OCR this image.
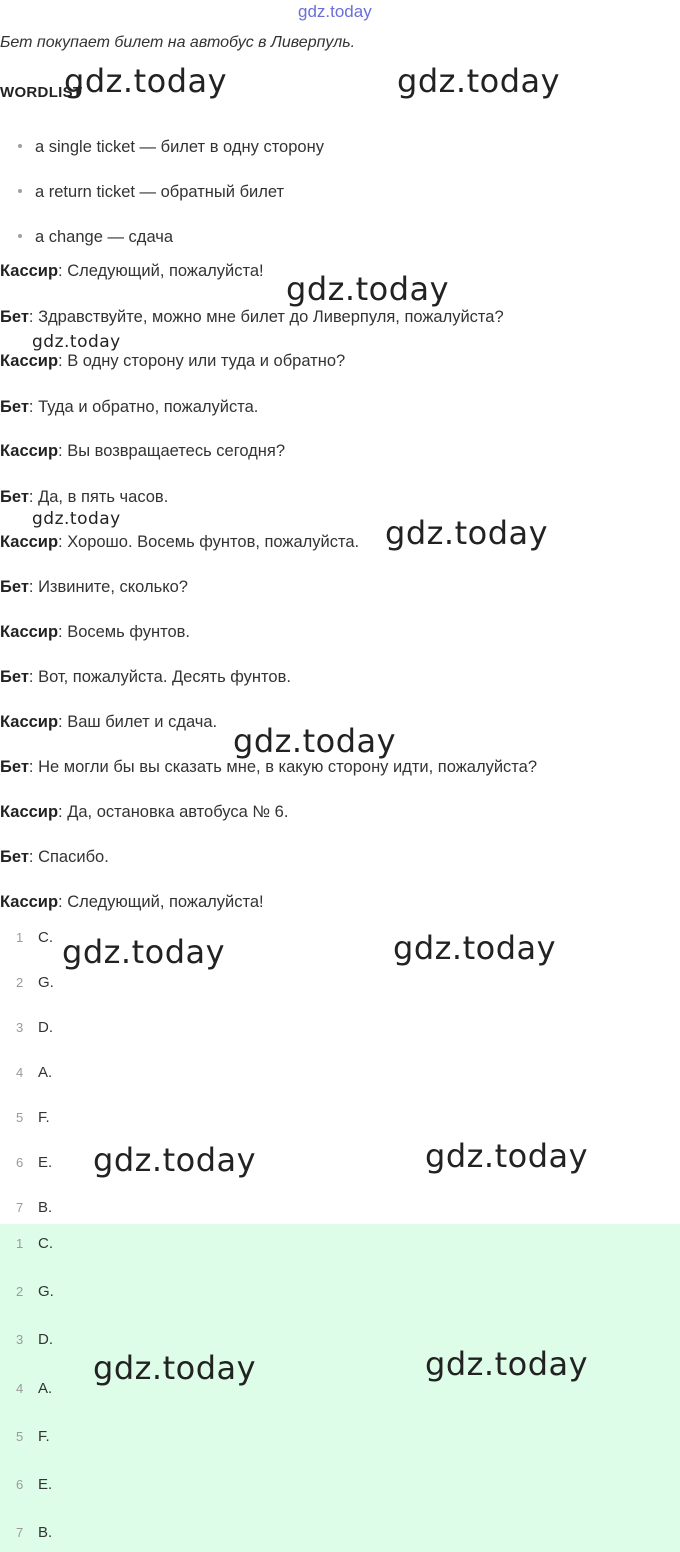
gdz.today
Бет покупает билет на автобус в Ливерпуль.
WORDLIST
a single ticket — билет в одну сторону
a return ticket — обратный билет
a change — сдача
Кассир: Следующий, пожалуйста!
Бет: Здравствуйте, можно мне билет до Ливерпуля, пожалуйста?
Кассир: В одну сторону или туда и обратно?
Бет: Туда и обратно, пожалуйста.
Кассир: Вы возвращаетесь сегодня?
Бет: Да, в пять часов.
Кассир: Хорошо. Восемь фунтов, пожалуйста.
Бет: Извините, сколько?
Кассир: Восемь фунтов.
Бет: Вот, пожалуйста. Десять фунтов.
Кассир: Ваш билет и сдача.
Бет: Не могли бы вы сказать мне, в какую сторону идти, пожалуйста?
Кассир: Да, остановка автобуса № 6.
Бет: Спасибо.
Кассир: Следующий, пожалуйста!
1 C.
2 G.
3 D.
4 A.
5 F.
6 E.
7 B.
1 C.
2 G.
3 D.
4 A.
5 F.
6 E.
7 B.
gdz.today	gdz.today
gdz.today
gdz.today
gdz.today	gdz.today
gdz.today
gdz.today	gdz.today
gdz.today	gdz.today
gdz.today	gdz.today
